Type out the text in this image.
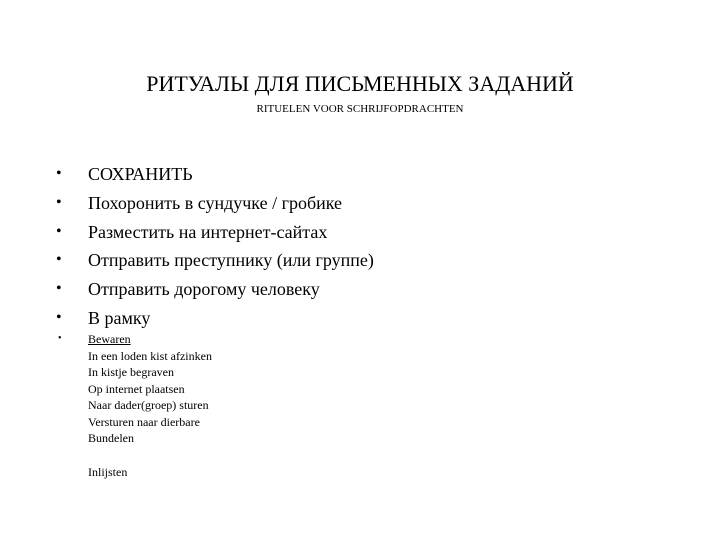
РИТУАЛЫ ДЛЯ ПИСЬМЕННЫХ ЗАДАНИЙ
RITUELEN VOOR SCHRIJFOPDRACHTEN
• СОХРАНИТЬ
• Похоронить в сундучке / гробике
• Разместить на интернет-сайтах
• Отправить преступнику (или группе)
• Отправить дорогому человеку
• В рамку
• Bewaren
In een loden kist afzinken
In kistje begraven
Op internet plaatsen
Naar dader(groep) sturen
Versturen naar dierbare
Bundelen
Inlijsten
